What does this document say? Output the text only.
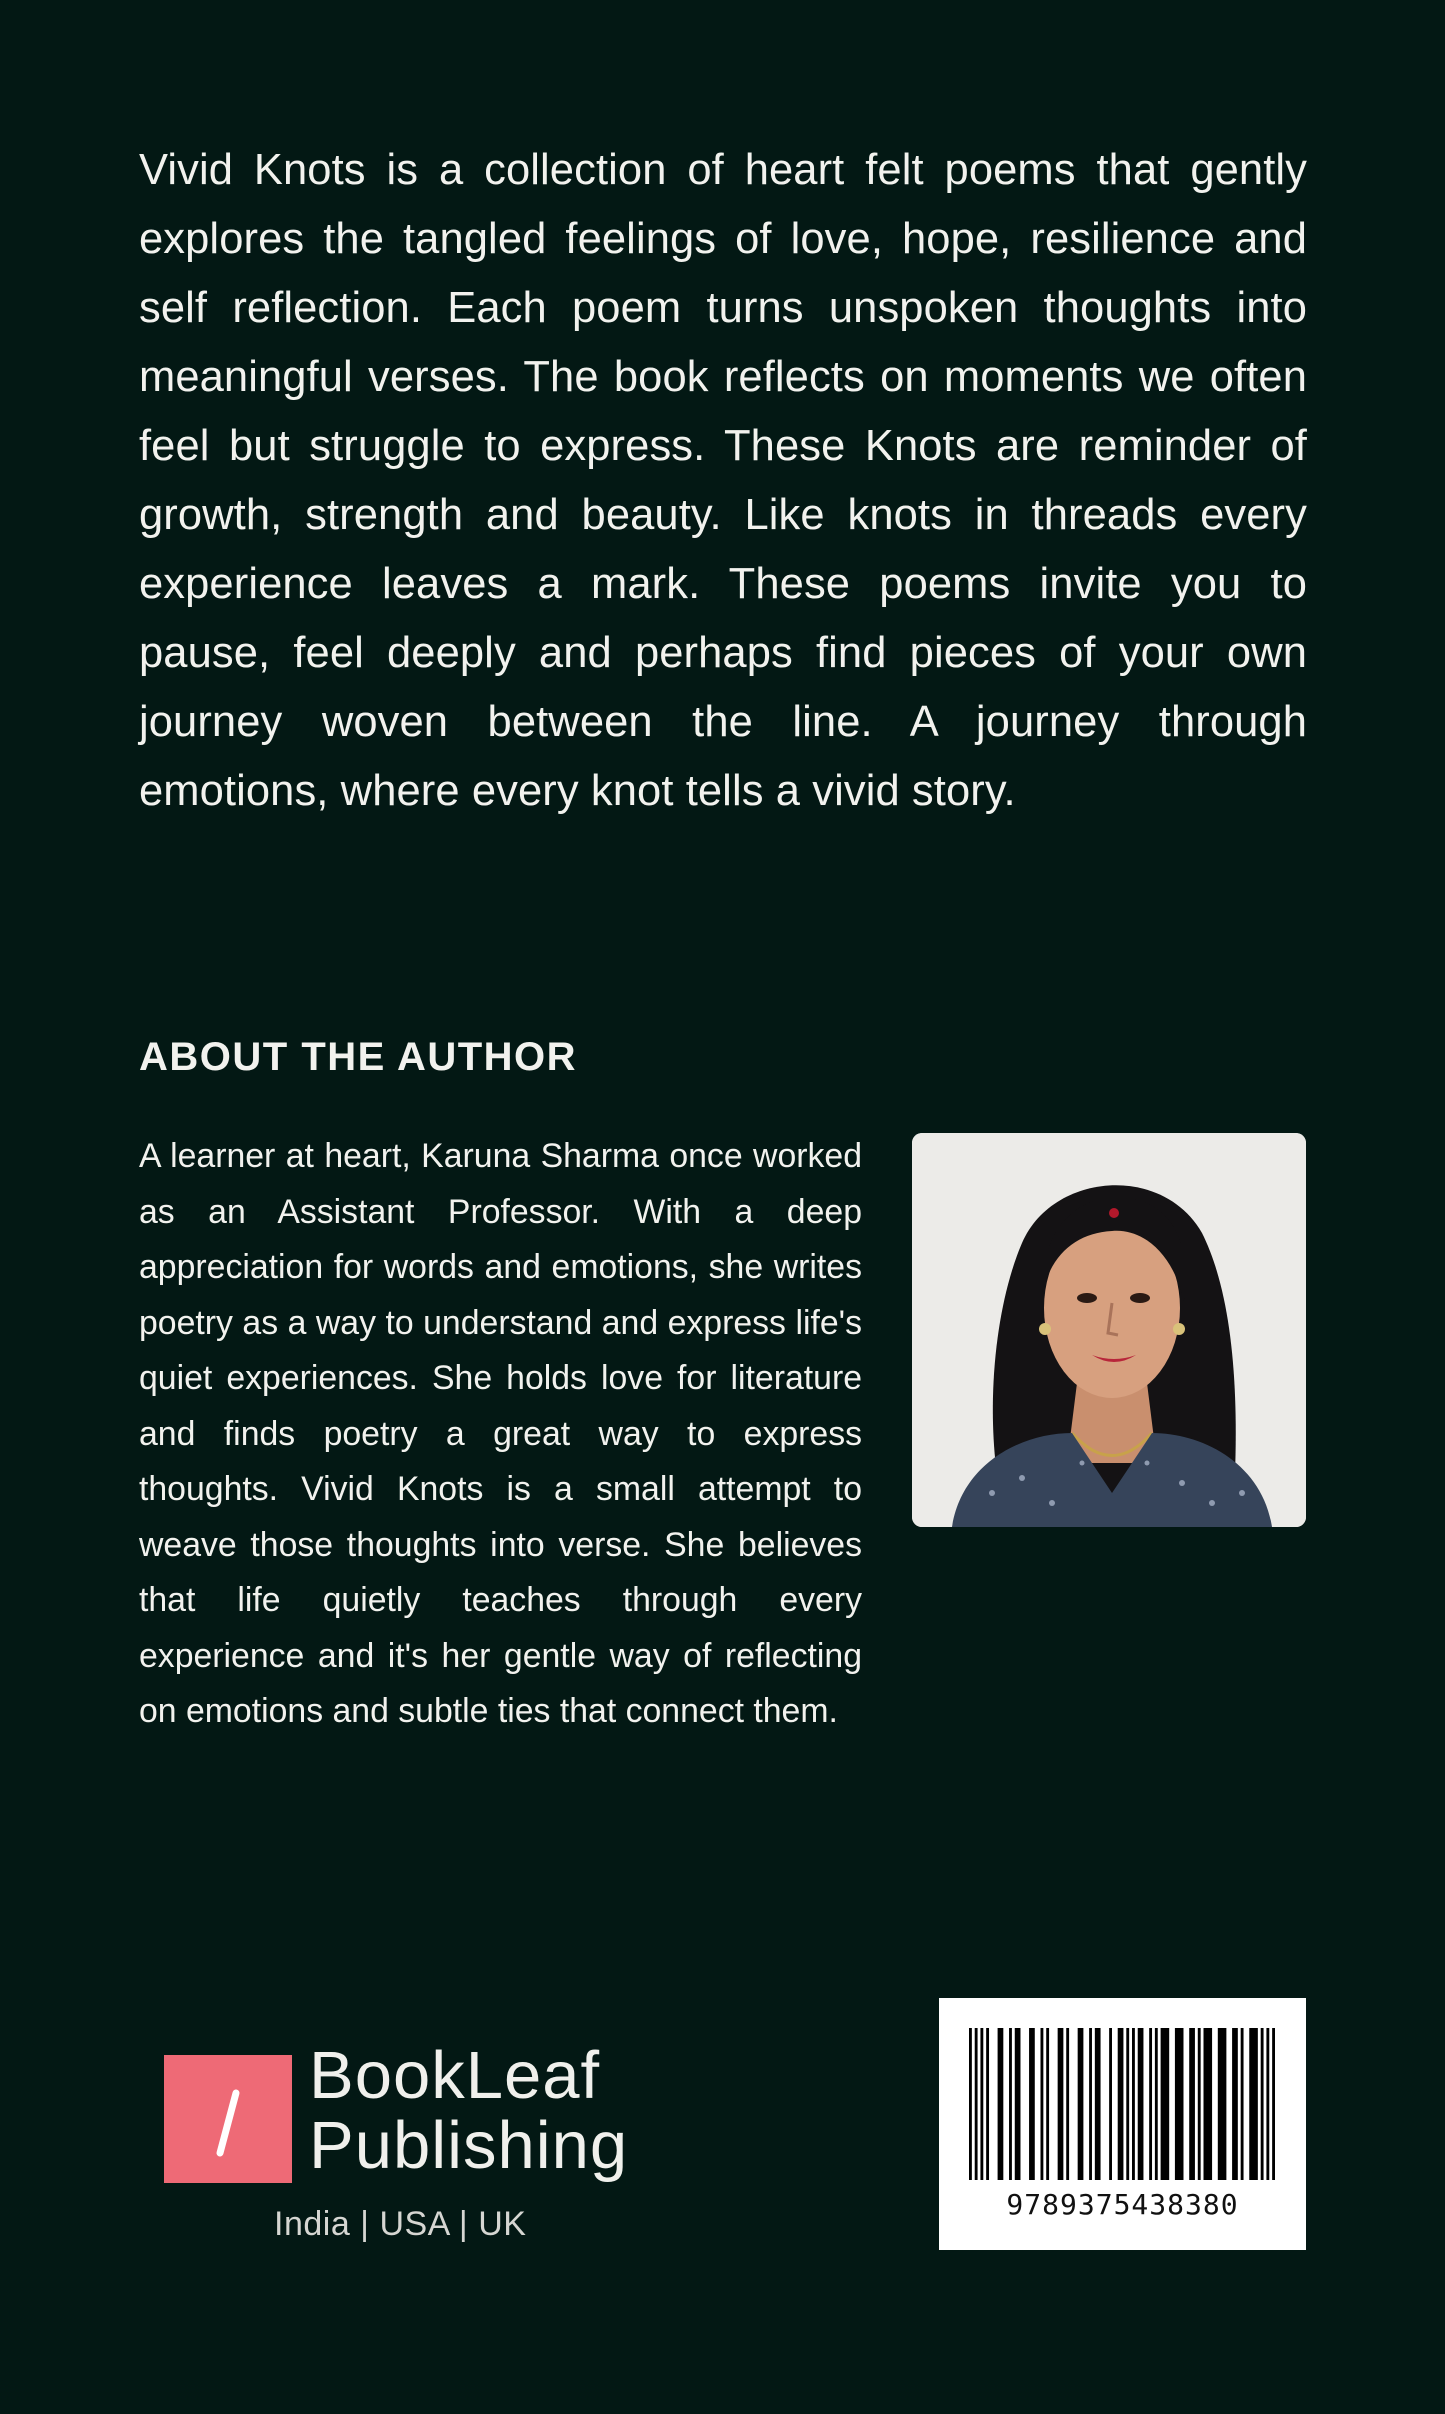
Vivid Knots is a collection of heart felt poems that gently explores the tangled feelings of love, hope, resilience and self reflection. Each poem turns unspoken thoughts into meaningful verses. The book reflects on moments we often feel but struggle to express. These Knots are reminder of growth, strength and beauty. Like knots in threads every experience leaves a mark. These poems invite you to pause, feel deeply and perhaps find pieces of your own journey woven between the line. A journey through emotions, where every knot tells a vivid story.

ABOUT THE AUTHOR

A learner at heart, Karuna Sharma once worked as an Assistant Professor. With a deep appreciation for words and emotions, she writes poetry as a way to understand and express life's quiet experiences. She holds love for literature and finds poetry a great way to express thoughts. Vivid Knots is a small attempt to weave those thoughts into verse. She believes that life quietly teaches through every experience and it's her gentle way of reflecting on emotions and subtle ties that connect them.

BookLeaf
Publishing
India | USA | UK
9789375438380
